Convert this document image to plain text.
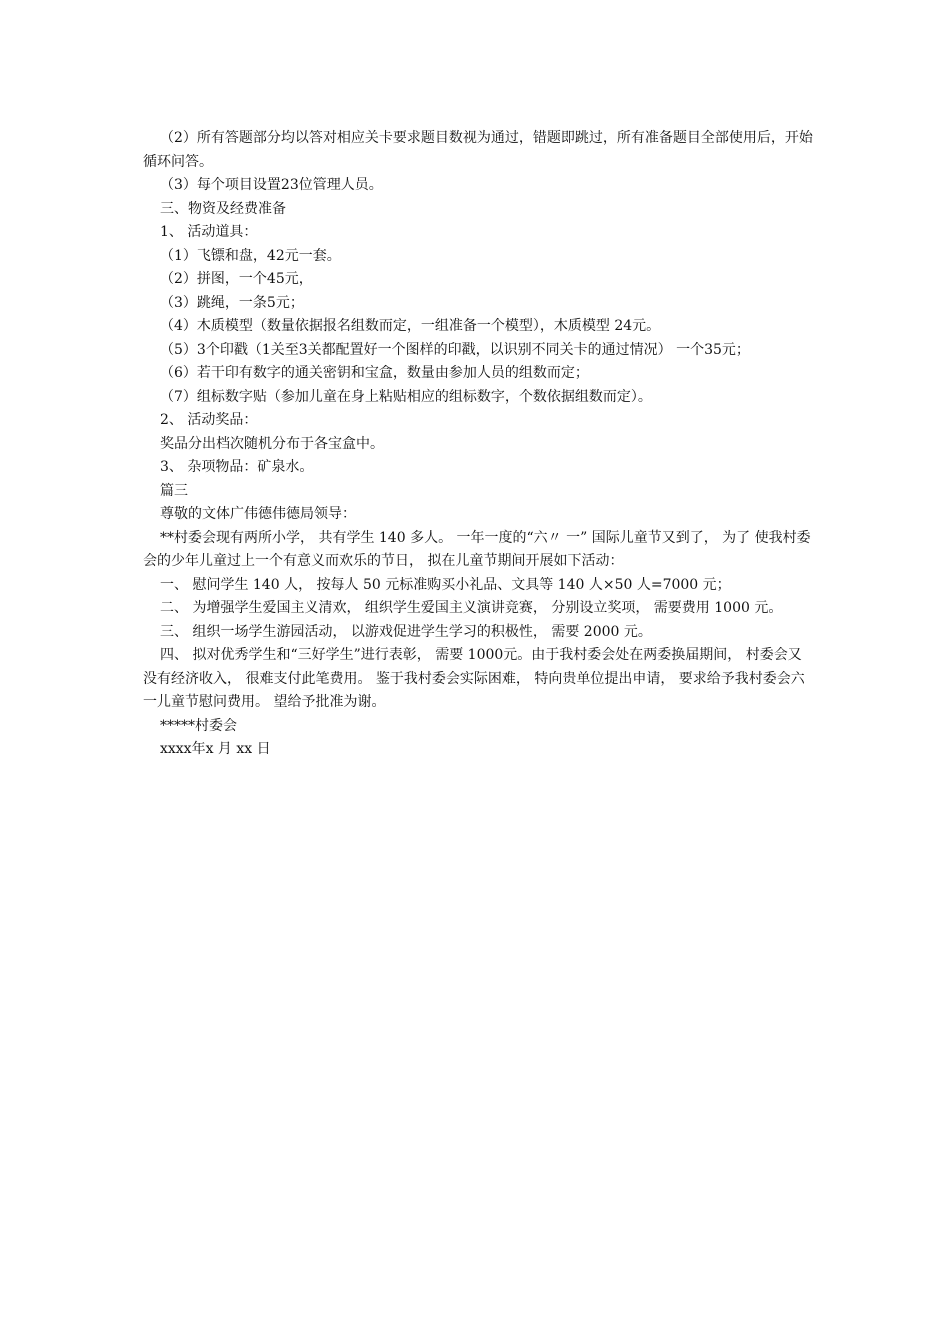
（2）所有答题部分均以答对相应关卡要求题目数视为通过，错题即跳过，所有准备题目全部使用后，开始循环问答。

（3）每个项目设置23位管理人员。

三、物资及经费准备

1、 活动道具：

（1）飞镖和盘，42元一套。

（2）拼图，一个45元，

（3）跳绳，一条5元；

（4）木质模型（数量依据报名组数而定，一组准备一个模型），木质模型 24元。

（5）3个印戳（1关至3关都配置好一个图样的印戳，以识别不同关卡的通过情况） 一个35元；

（6）若干印有数字的通关密钥和宝盒，数量由参加人员的组数而定；

（7）组标数字贴（参加儿童在身上粘贴相应的组标数字，个数依据组数而定）。

2、 活动奖品：

奖品分出档次随机分布于各宝盒中。

3、 杂项物品：矿泉水。

篇三

尊敬的文体广伟德伟德局领导：

**村委会现有两所小学， 共有学生 140 多人。 一年一度的“六〃 一” 国际儿童节又到了， 为了 使我村委会的少年儿童过上一个有意义而欢乐的节日， 拟在儿童节期间开展如下活动：

一、 慰问学生 140 人， 按每人 50 元标准购买小礼品、文具等 140 人×50 人=7000 元；

二、 为增强学生爱国主义清欢， 组织学生爱国主义演讲竞赛， 分别设立奖项， 需要费用 1000 元。

三、 组织一场学生游园活动， 以游戏促进学生学习的积极性， 需要 2000 元。

四、 拟对优秀学生和“三好学生”进行表彰， 需要 1000元。由于我村委会处在两委换届期间， 村委会又没有经济收入， 很难支付此笔费用。 鉴于我村委会实际困难， 特向贵单位提出申请， 要求给予我村委会六一儿童节慰问费用。 望给予批准为谢。

*****村委会

xxxx年x 月 xx 日
